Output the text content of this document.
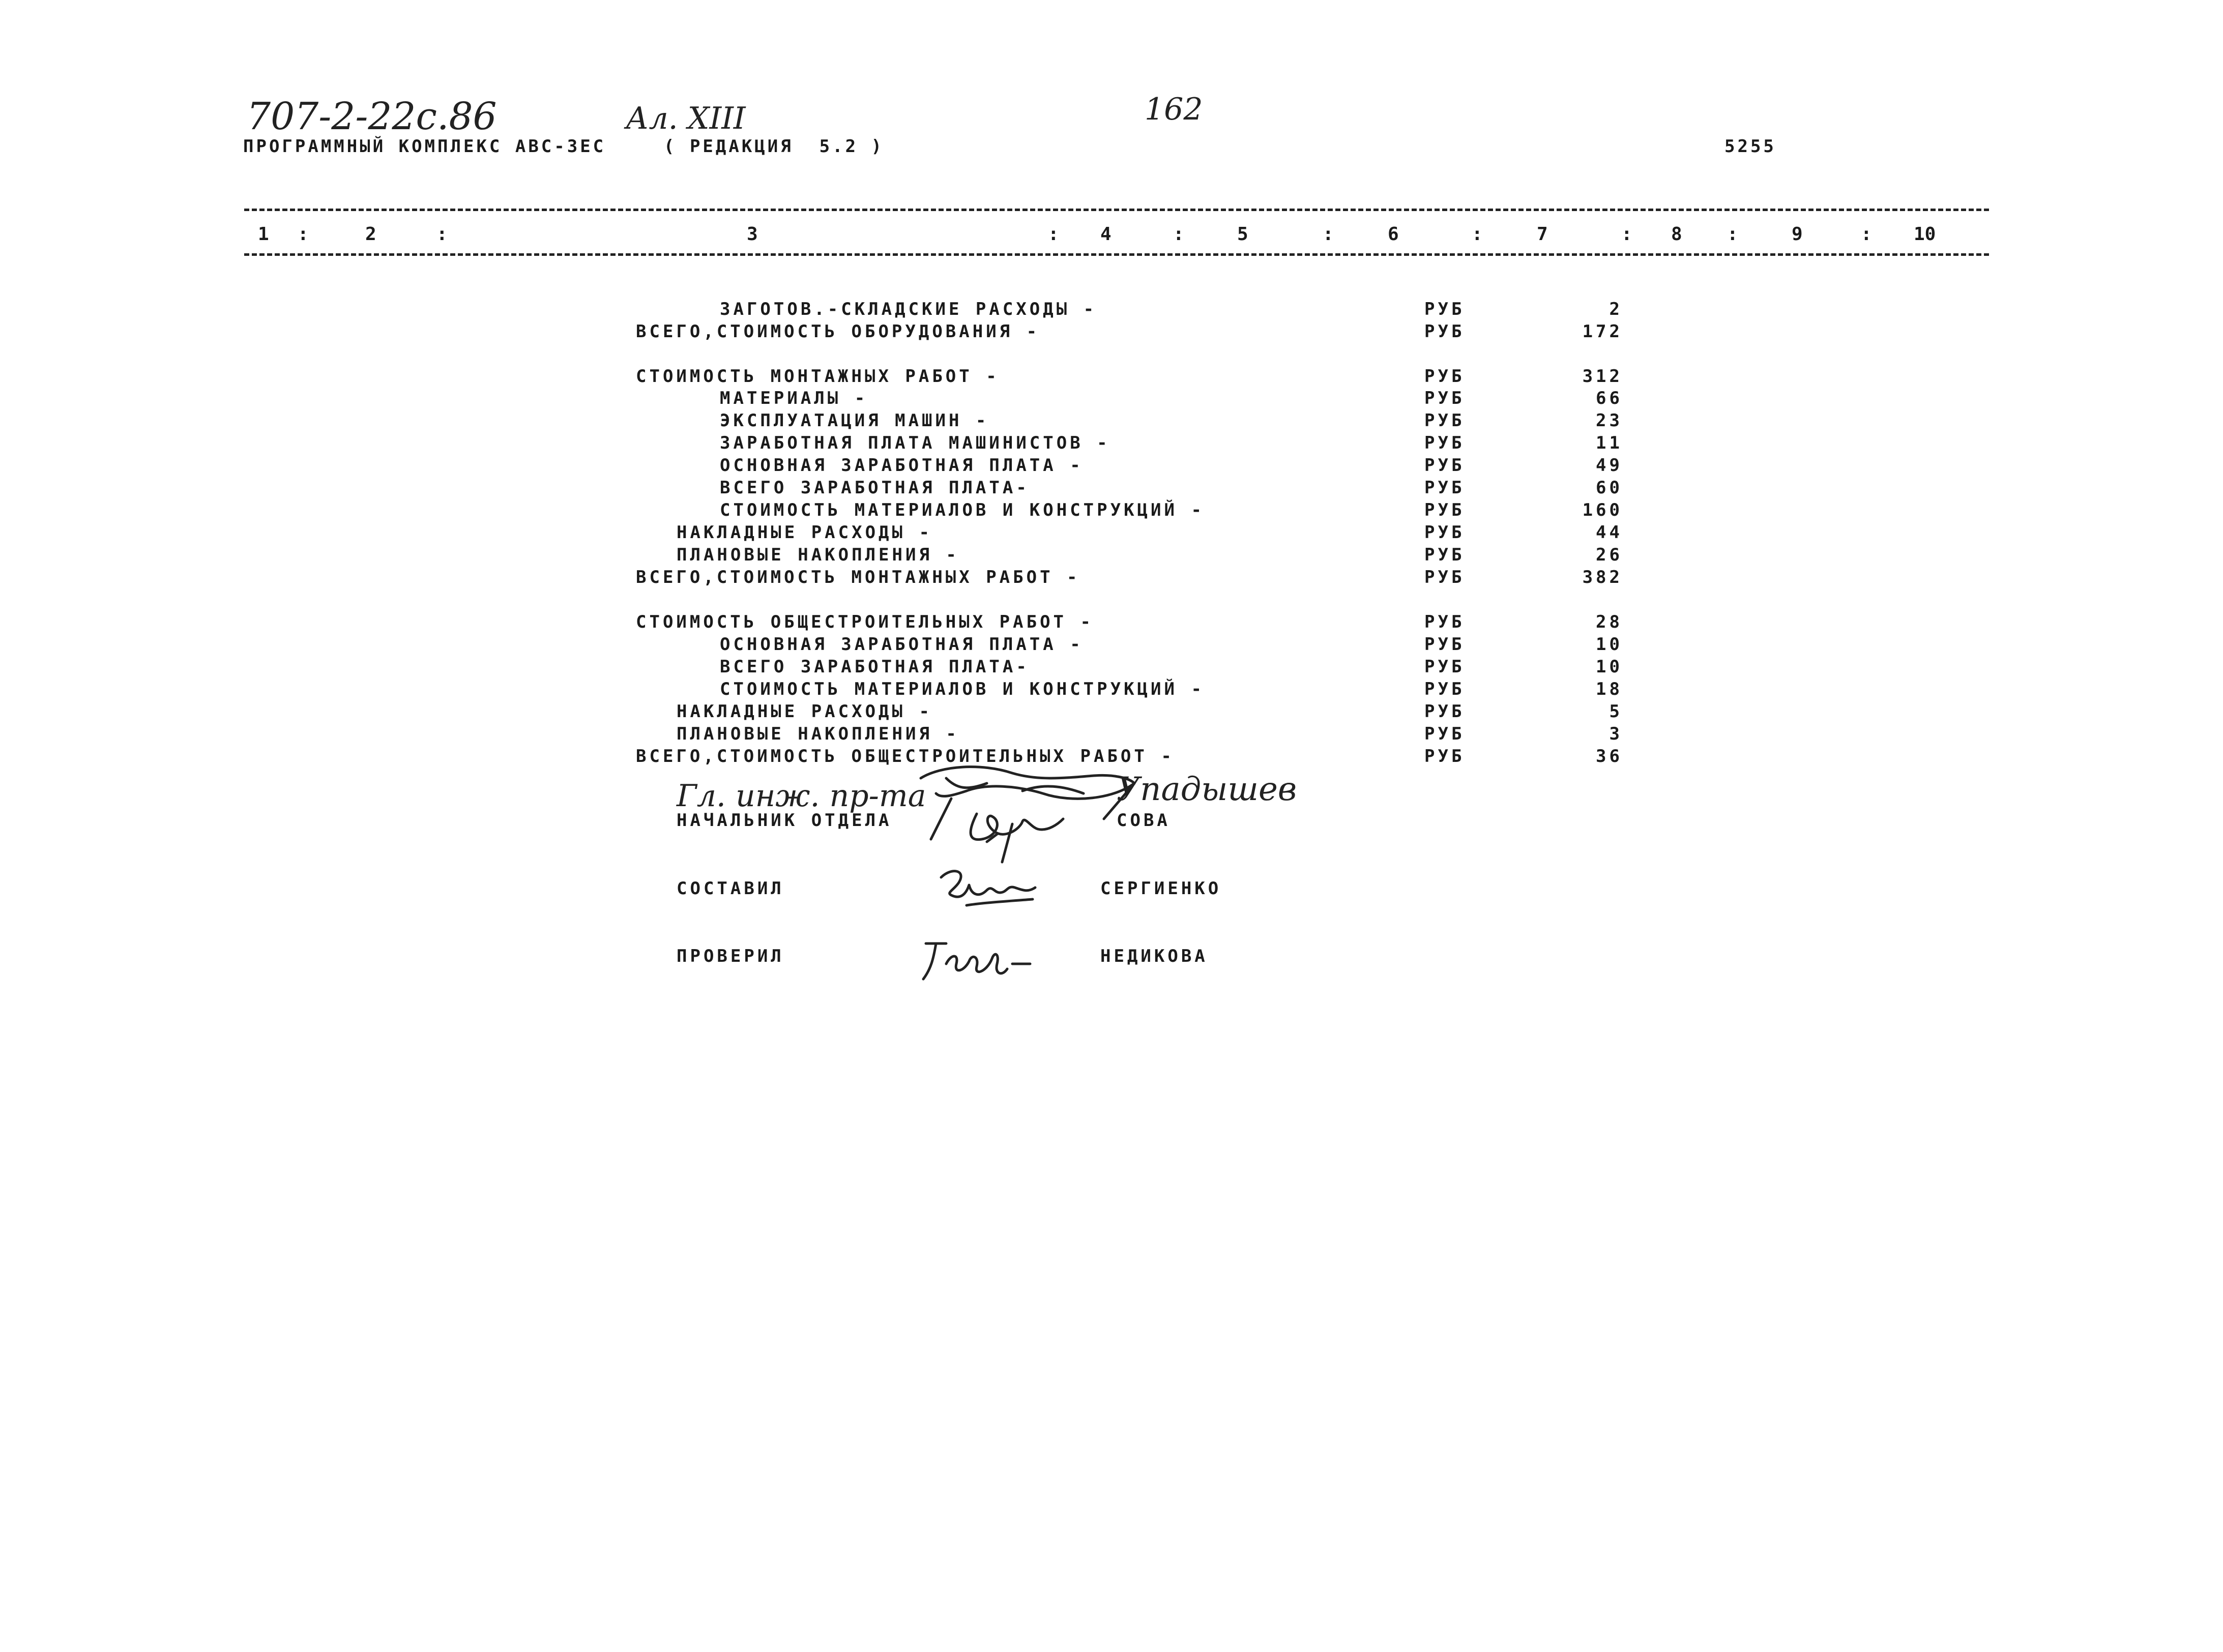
707-2-22с.86	Ал. XIII	162
ПРОГРАММНЫЙ КОМПЛЕКС АВС-3ЕС	( РЕДАКЦИЯ  5.2 )	5255
1 :	2	:	3	: 4	:	5	:	6	:	7	: 8 :	9	: 10
ЗАГОТОВ.-СКЛАДСКИЕ РАСХОДЫ -	РУБ	2
ВСЕГО,СТОИМОСТЬ ОБОРУДОВАНИЯ -	РУБ	172
СТОИМОСТЬ МОНТАЖНЫХ РАБОТ -	РУБ	312
МАТЕРИАЛЫ -	РУБ	66
ЭКСПЛУАТАЦИЯ МАШИН -	РУБ	23
ЗАРАБОТНАЯ ПЛАТА МАШИНИСТОВ -	РУБ	11
ОСНОВНАЯ ЗАРАБОТНАЯ ПЛАТА -	РУБ	49
ВСЕГО ЗАРАБОТНАЯ ПЛАТА-	РУБ	60
СТОИМОСТЬ МАТЕРИАЛОВ И КОНСТРУКЦИЙ -	РУБ	160
НАКЛАДНЫЕ РАСХОДЫ -	РУБ	44
ПЛАНОВЫЕ НАКОПЛЕНИЯ -	РУБ	26
ВСЕГО,СТОИМОСТЬ МОНТАЖНЫХ РАБОТ -	РУБ	382
СТОИМОСТЬ ОБЩЕСТРОИТЕЛЬНЫХ РАБОТ -	РУБ	28
ОСНОВНАЯ ЗАРАБОТНАЯ ПЛАТА -	РУБ	10
ВСЕГО ЗАРАБОТНАЯ ПЛАТА-	РУБ	10
СТОИМОСТЬ МАТЕРИАЛОВ И КОНСТРУКЦИЙ -	РУБ	18
НАКЛАДНЫЕ РАСХОДЫ -	РУБ	5
ПЛАНОВЫЕ НАКОПЛЕНИЯ -	РУБ	3
ВСЕГО,СТОИМОСТЬ ОБЩЕСТРОИТЕЛЬНЫХ РАБОТ -	РУБ	36
Гл. инж. пр-та	Упадышев
НАЧАЛЬНИК ОТДЕЛА	СОВА
СОСТАВИЛ	СЕРГИЕНКО
ПРОВЕРИЛ	НЕДИКОВА
